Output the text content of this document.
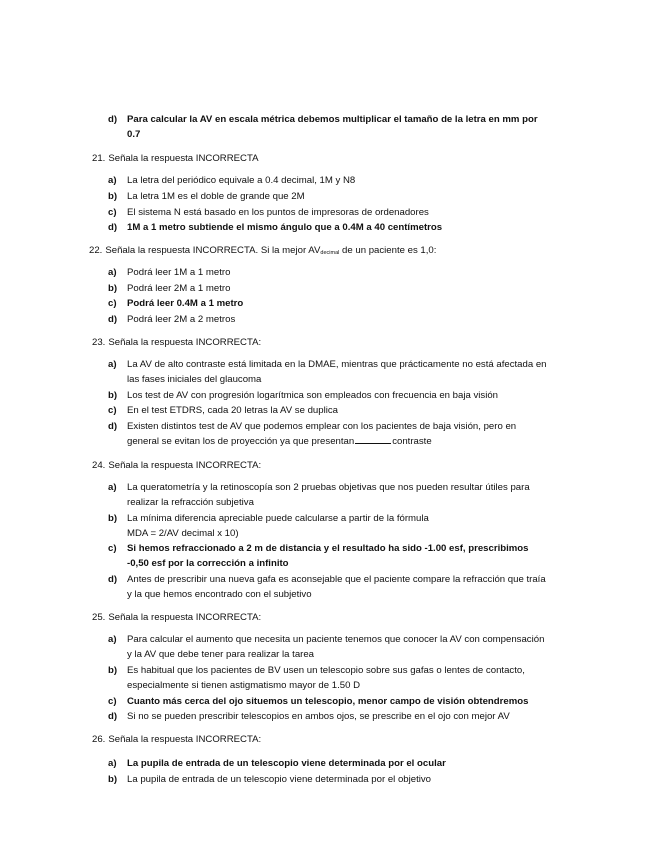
d) Para calcular la AV en escala métrica debemos multiplicar el tamaño de la letra en mm por 0.7
21. Señala la respuesta INCORRECTA
a) La letra del periódico equivale a 0.4 decimal, 1M y N8
b) La letra 1M es el doble de grande que 2M
c) El sistema N está basado en los puntos de impresoras de ordenadores
d) 1M a 1 metro subtiende el mismo ángulo que a 0.4M a 40 centímetros
22. Señala la respuesta INCORRECTA. Si la mejor $AV_{decimal}$ de un paciente es 1,0:
a) Podrá leer 1M a 1 metro
b) Podrá leer 2M a 1 metro
c) Podrá leer 0.4M a 1 metro
d) Podrá leer 2M a 2 metros
23. Señala la respuesta INCORRECTA:
a) La AV de alto contraste está limitada en la DMAE, mientras que prácticamente no está afectada en las fases iniciales del glaucoma
b) Los test de AV con progresión logarítmica son empleados con frecuencia en baja visión
c) En el test ETDRS, cada 20 letras la AV se duplica
d) Existen distintos test de AV que podemos emplear con los pacientes de baja visión, pero en general se evitan los de proyección ya que presentan	contraste
24. Señala la respuesta INCORRECTA:
a) La queratometría y la retinoscopía son 2 pruebas objetivas que nos pueden resultar útiles para realizar la refracción subjetiva
b) La mínima diferencia apreciable puede calcularse a partir de la fórmula
MDA = 2/AV decimal x 10)
c) Si hemos refraccionado a 2 m de distancia y el resultado ha sido -1.00 esf, prescribimos -0,50 esf por la corrección a infinito
d) Antes de prescribir una nueva gafa es aconsejable que el paciente compare la refracción que traía y la que hemos encontrado con el subjetivo
25. Señala la respuesta INCORRECTA:
a) Para calcular el aumento que necesita un paciente tenemos que conocer la AV con compensación y la AV que debe tener para realizar la tarea
b) Es habitual que los pacientes de BV usen un telescopio sobre sus gafas o lentes de contacto, especialmente si tienen astigmatismo mayor de 1.50 D
c) Cuanto más cerca del ojo situemos un telescopio, menor campo de visión obtendremos
d) Si no se pueden prescribir telescopios en ambos ojos, se prescribe en el ojo con mejor AV
26. Señala la respuesta INCORRECTA:
a) La pupila de entrada de un telescopio viene determinada por el ocular
b) La pupila de entrada de un telescopio viene determinada por el objetivo
